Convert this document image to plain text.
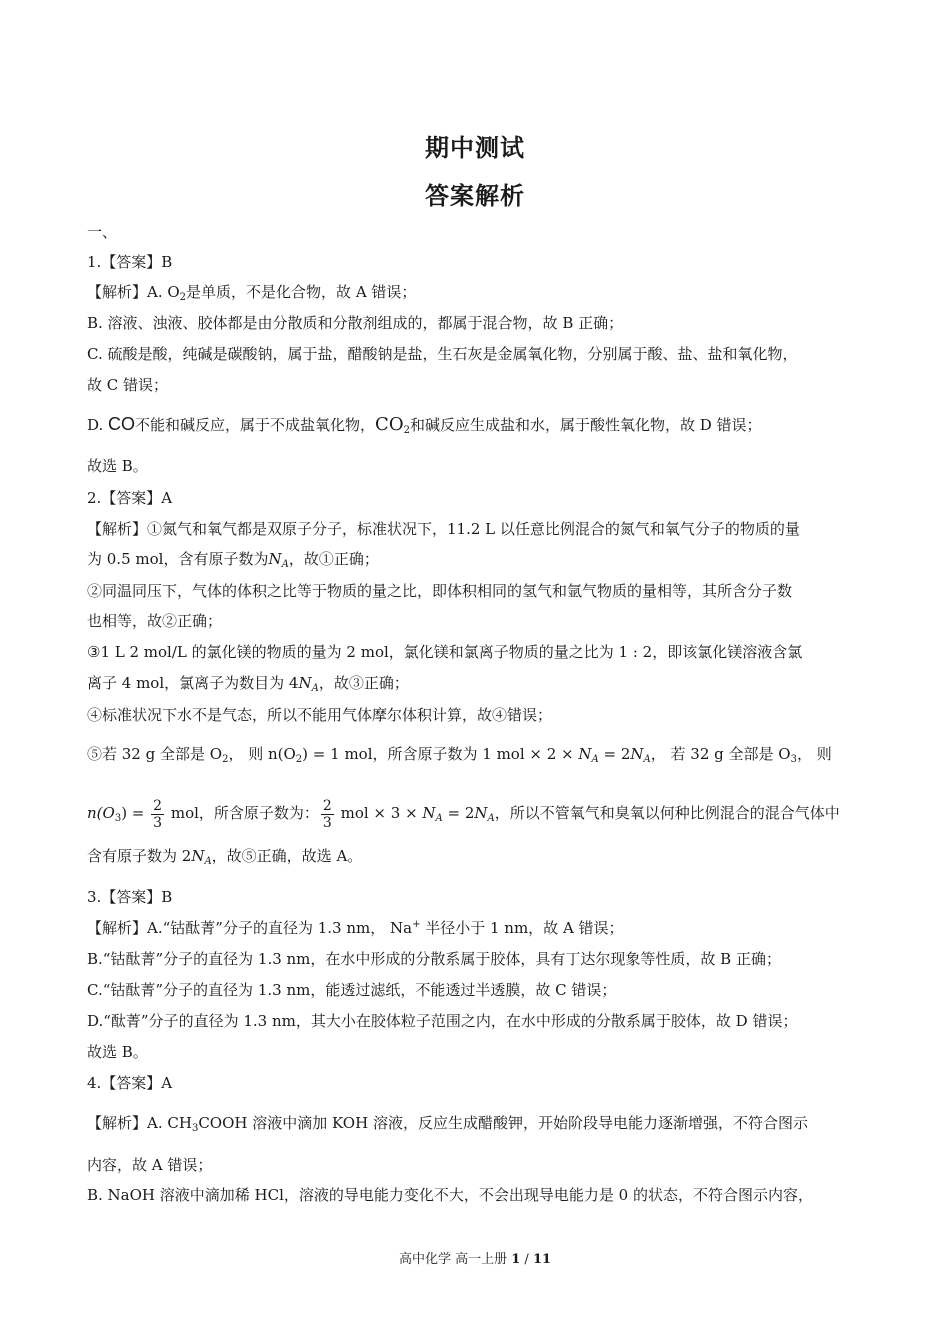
期中测试
答案解析
一、
1.【答案】B
【解析】A. $O_2$是单质，不是化合物，故 A 错误；
B. 溶液、浊液、胶体都是由分散质和分散剂组成的，都属于混合物，故 B 正确；
C. 硫酸是酸，纯碱是碳酸钠，属于盐，醋酸钠是盐，生石灰是金属氧化物，分别属于酸、盐、盐和氧化物，
故 C 错误；
D. CO不能和碱反应，属于不成盐氧化物，$CO_2$和碱反应生成盐和水，属于酸性氧化物，故 D 错误；
故选 B。
2.【答案】A
【解析】①氮气和氧气都是双原子分子，标准状况下，11.2 L 以任意比例混合的氮气和氧气分子的物质的量
为 0.5 mol，含有原子数为$N_A$，故①正确；
②同温同压下，气体的体积之比等于物质的量之比，即体积相同的氢气和氩气物质的量相等，其所含分子数
也相等，故②正确；
③1 L 2 mol/L 的氯化镁的物质的量为 2 mol，氯化镁和氯离子物质的量之比为 1 : 2，即该氯化镁溶液含氯
离子 4 mol，氯离子为数目为 $4N_A$，故③正确；
④标准状况下水不是气态，所以不能用气体摩尔体积计算，故④错误；
⑤若 32 g 全部是 $O_2$， 则 $n(O_2) = 1$ mol，所含原子数为 1 mol × $2 \times N_A = 2N_A$， 若 32 g 全部是 $O_3$， 则
$n(O_3) = \frac{2}{3}$ mol，所含原子数为： $\frac{2}{3}$ mol × $3 \times N_A = 2N_A$，所以不管氧气和臭氧以何种比例混合的混合气体中
含有原子数为 $2N_A$，故⑤正确，故选 A。
3.【答案】B
【解析】A.“钴酞菁”分子的直径为 1.3 nm， Na+ 半径小于 1 nm，故 A 错误；
B.“钴酞菁”分子的直径为 1.3 nm，在水中形成的分散系属于胶体，具有丁达尔现象等性质，故 B 正确；
C.“钴酞菁”分子的直径为 1.3 nm，能透过滤纸，不能透过半透膜，故 C 错误；
D.“酞菁”分子的直径为 1.3 nm，其大小在胶体粒子范围之内，在水中形成的分散系属于胶体，故 D 错误；
故选 B。
4.【答案】A
【解析】A. $CH_3COOH$ 溶液中滴加 KOH 溶液，反应生成醋酸钾，开始阶段导电能力逐渐增强，不符合图示
内容，故 A 错误；
B. NaOH 溶液中滴加稀 HCl，溶液的导电能力变化不大，不会出现导电能力是 0 的状态，不符合图示内容，
高中化学 高一上册 1 / 11
